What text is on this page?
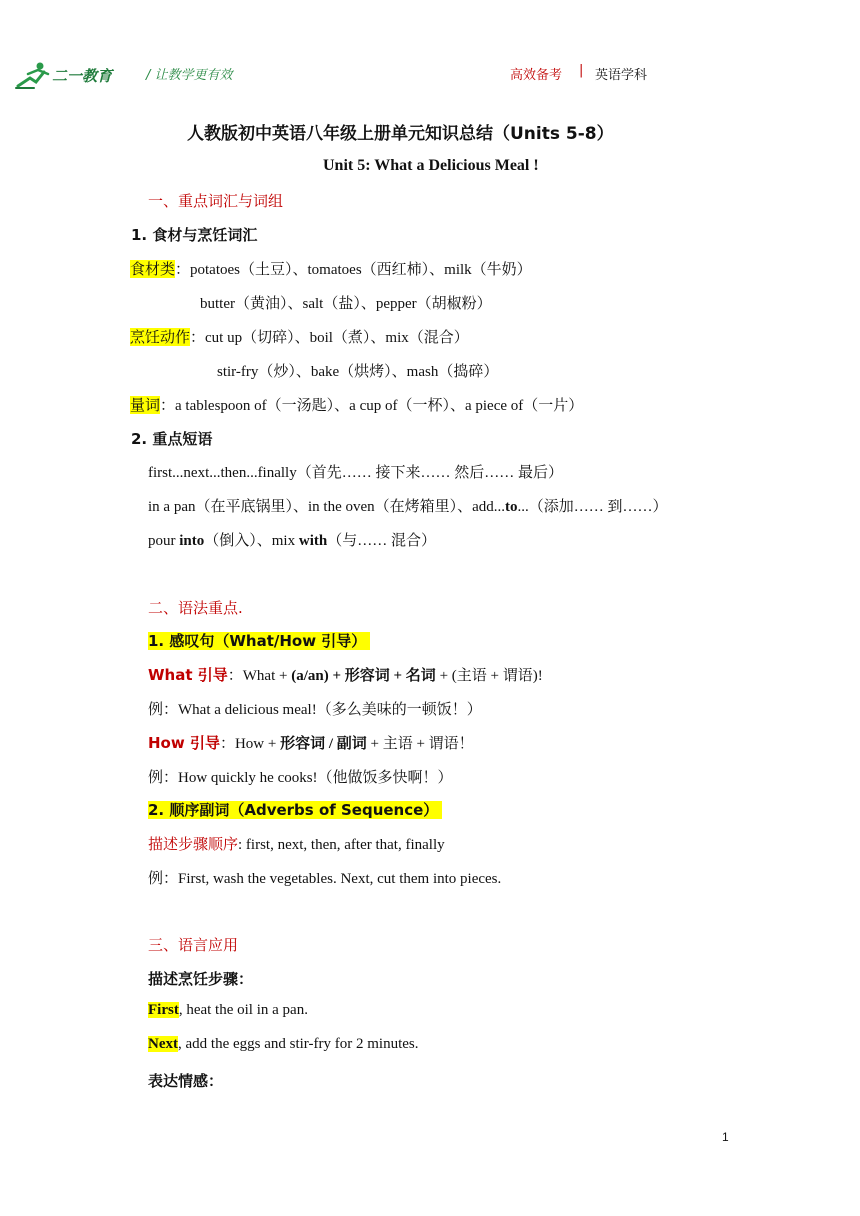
二一教育	/ 让教学更有效	高效备考 | 英语学科
人教版初中英语八年级上册单元知识总结（Units 5-8）
Unit 5: What a Delicious Meal !
一、重点词汇与词组
1. 食材与烹饪词汇
食材类：potatoes（土豆）、tomatoes（西红柿）、milk（牛奶）
butter（黄油）、salt（盐）、pepper（胡椒粉）
烹饪动作：cut up（切碎）、boil（煮）、mix（混合）
stir-fry（炒）、bake（烘烤）、mash（捣碎）
量词：a tablespoon of（一汤匙）、a cup of（一杯）、a piece of（一片）
2. 重点短语
first...next...then...finally（首先…… 接下来…… 然后…… 最后）
in a pan（在平底锅里）、in the oven（在烤箱里）、add...to...（添加…… 到……）
pour into（倒入）、mix with（与…… 混合）
二、语法重点.
1. 感叹句（What/How 引导）
What 引导：What + (a/an) + 形容词 + 名词 + (主语 + 谓语)!
例：What a delicious meal!（多么美味的一顿饭！）
How 引导：How + 形容词 / 副词 + 主语 + 谓语！
例：How quickly he cooks!（他做饭多快啊！）
2. 顺序副词（Adverbs of Sequence）
描述步骤顺序: first, next, then, after that, finally
例：First, wash the vegetables. Next, cut them into pieces.
三、语言应用
描述烹饪步骤：
First, heat the oil in a pan.
Next, add the eggs and stir-fry for 2 minutes.
表达情感：
1
